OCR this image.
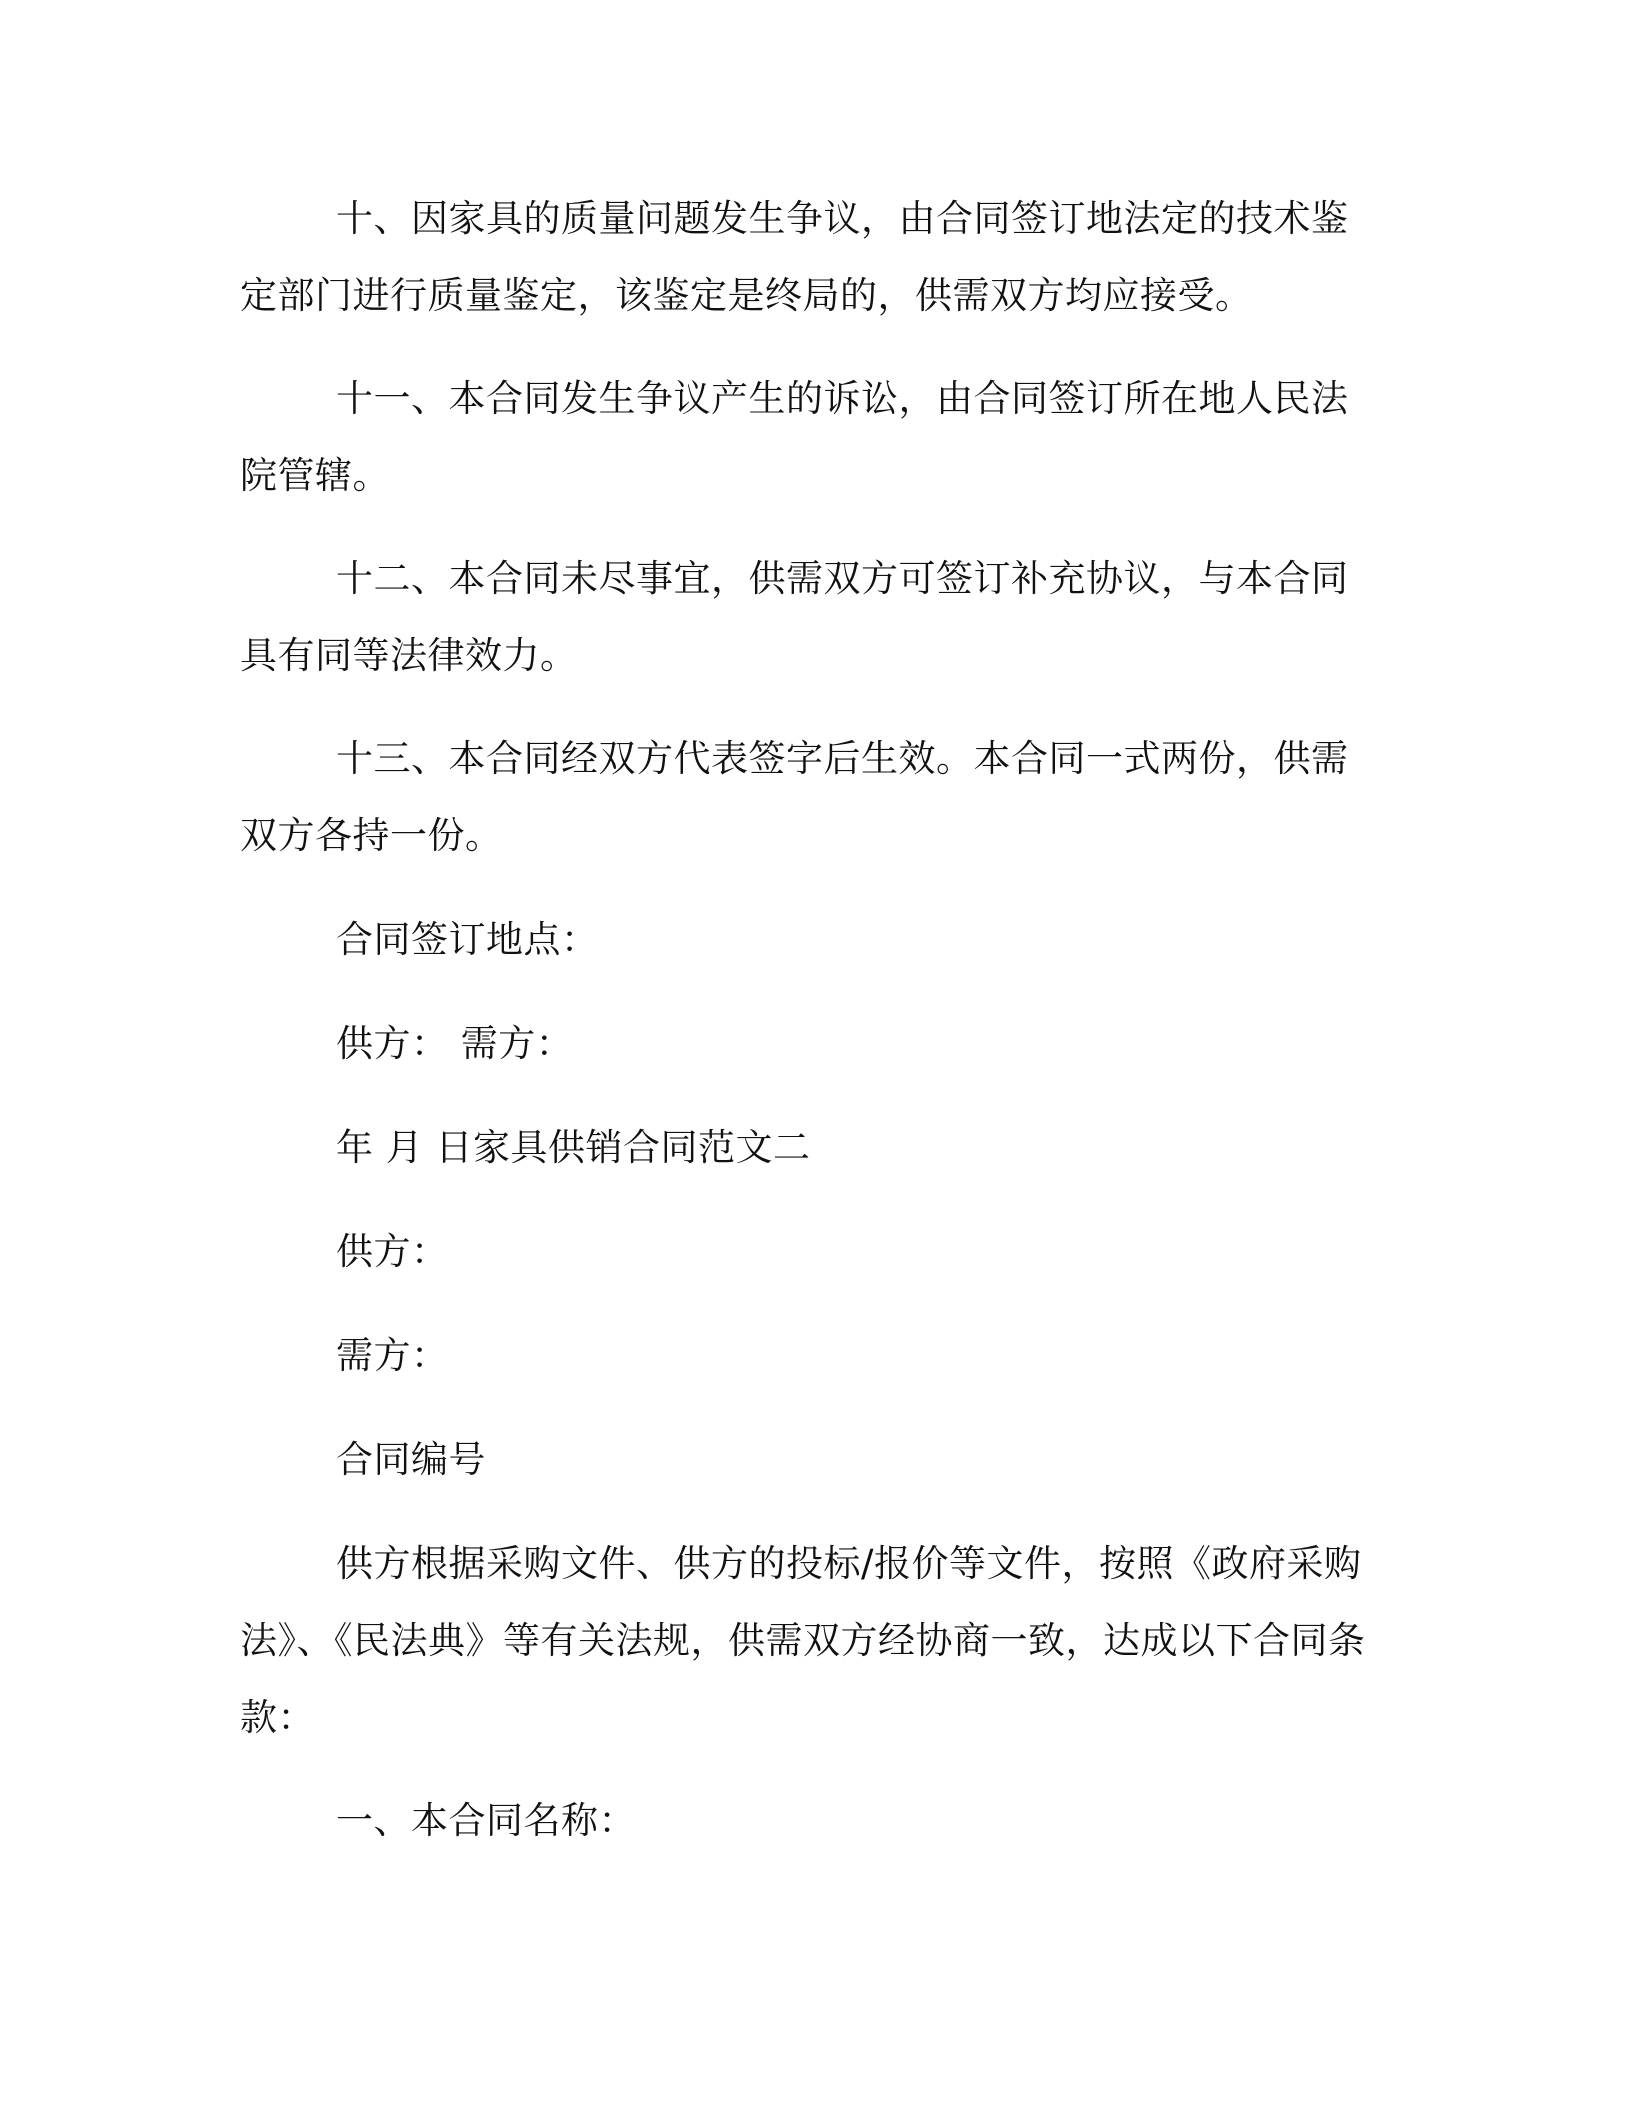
十、因家具的质量问题发生争议，由合同签订地法定的技术鉴定部门进行质量鉴定，该鉴定是终局的，供需双方均应接受。

十一、本合同发生争议产生的诉讼，由合同签订所在地人民法院管辖。

十二、本合同未尽事宜，供需双方可签订补充协议，与本合同具有同等法律效力。

十三、本合同经双方代表签字后生效。本合同一式两份，供需双方各持一份。

合同签订地点：

供方： 需方：

年 月 日家具供销合同范文二

供方：

需方：

合同编号

供方根据采购文件、供方的投标/报价等文件，按照《政府采购法》、《民法典》等有关法规，供需双方经协商一致，达成以下合同条款：

一、本合同名称：
